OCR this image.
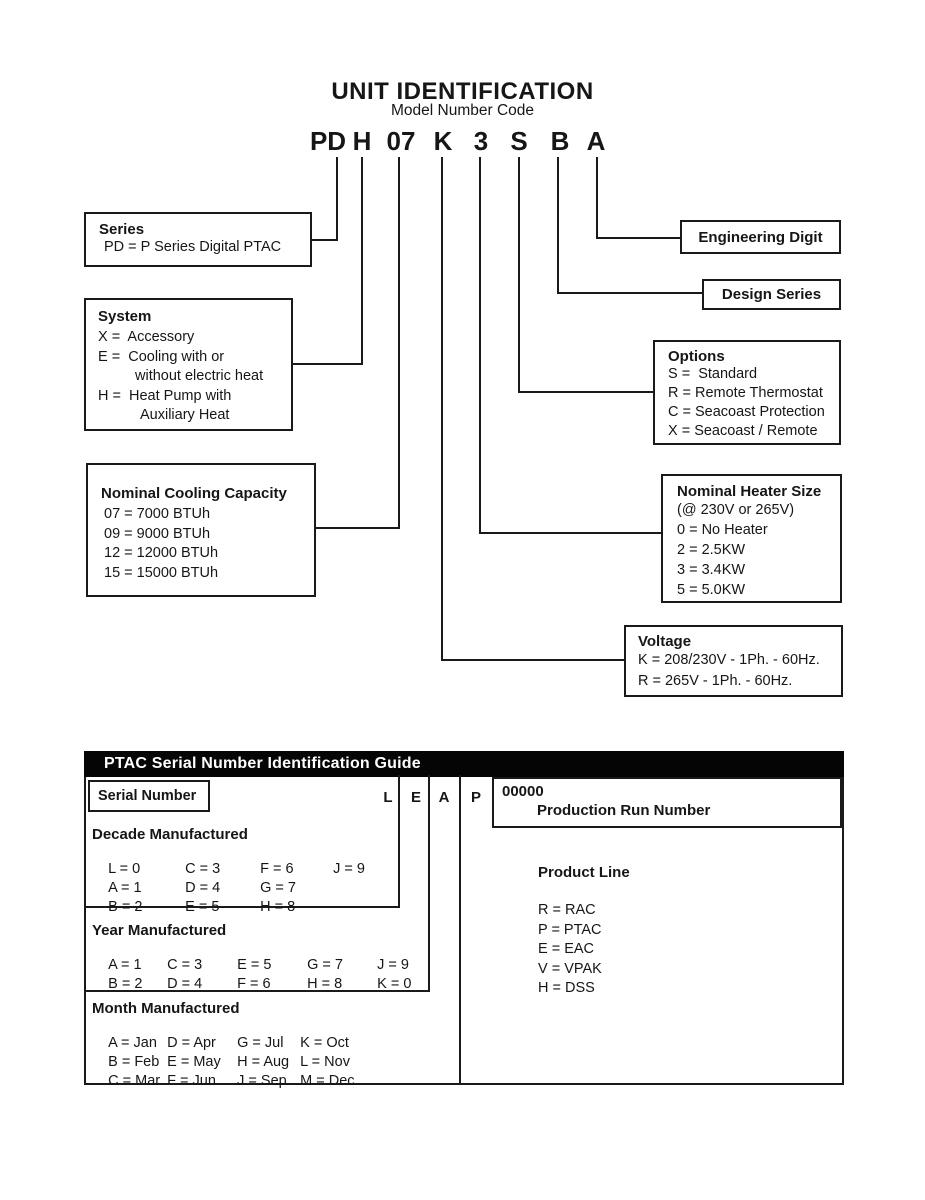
UNIT IDENTIFICATION
Model Number Code
PD H 07 K 3 S B A
Series
PD = P Series Digital PTAC
System
X =  Accessory
E =  Cooling with or
without electric heat
H =  Heat Pump with
Auxiliary Heat
Nominal Cooling Capacity
07 = 7000 BTUh
09 = 9000 BTUh
12 = 12000 BTUh
15 = 15000 BTUh
Engineering Digit
Design Series
Options
S =  Standard
R = Remote Thermostat
C = Seacoast Protection
X = Seacoast / Remote
Nominal Heater Size
(@ 230V or 265V)
0 = No Heater
2 = 2.5KW
3 = 3.4KW
5 = 5.0KW
Voltage
K = 208/230V - 1Ph. - 60Hz.
R = 265V - 1Ph. - 60Hz.
PTAC Serial Number Identification Guide
Serial Number	L E A P	00000
Production Run Number
Decade Manufactured

L = 0	C = 3	F = 6	J = 9

A = 1	D = 4	G = 7

B = 2	E = 5	H = 8

Year Manufactured

A = 1 C = 3 E = 5 G = 7 J = 9

B = 2 D = 4 F = 6	H = 8 K = 0

Month Manufactured

A = Jan D = Apr G = Jul K = Oct

B = Feb E = May H = Aug L = Nov

C = Mar F = Jun J = Sep M = Dec

Product Line
R = RAC
P = PTAC
E = EAC
V = VPAK
H = DSS
